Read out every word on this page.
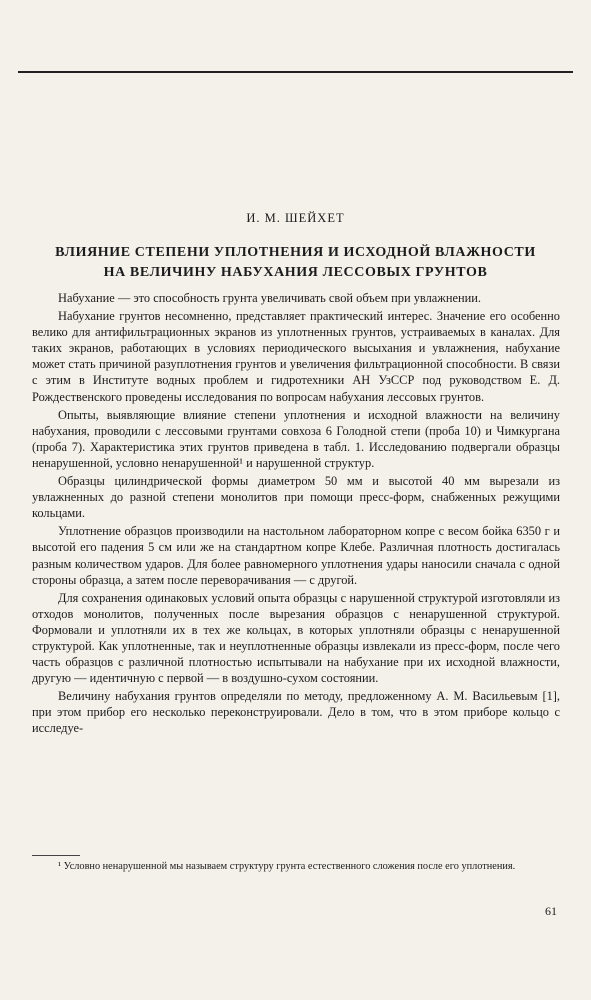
И. М. ШЕЙХЕТ
ВЛИЯНИЕ СТЕПЕНИ УПЛОТНЕНИЯ И ИСХОДНОЙ ВЛАЖНОСТИ
НА ВЕЛИЧИНУ НАБУХАНИЯ ЛЕССОВЫХ ГРУНТОВ

Набухание — это способность грунта увеличивать свой объем при увлажнении.

Набухание грунтов несомненно, представляет практический интерес. Значение его особенно велико для антифильтрационных экранов из уплотненных грунтов, устраиваемых в каналах. Для таких экранов, работающих в условиях периодического высыхания и увлажнения, набухание может стать причиной разуплотнения грунтов и увеличения фильтрационной способности. В связи с этим в Институте водных проблем и гидротехники АН УзССР под руководством Е. Д. Рождественского проведены исследования по вопросам набухания лессовых грунтов.

Опыты, выявляющие влияние степени уплотнения и исходной влажности на величину набухания, проводили с лессовыми грунтами совхоза 6 Голодной степи (проба 10) и Чимкургана (проба 7). Характеристика этих грунтов приведена в табл. 1. Исследованию подвергали образцы ненарушенной, условно ненарушенной¹ и нарушенной структур.

Образцы цилиндрической формы диаметром 50 мм и высотой 40 мм вырезали из увлажненных до разной степени монолитов при помощи пресс-форм, снабженных режущими кольцами.

Уплотнение образцов производили на настольном лабораторном копре с весом бойка 6350 г и высотой его падения 5 см или же на стандартном копре Клебе. Различная плотность достигалась разным количеством ударов. Для более равномерного уплотнения удары наносили сначала с одной стороны образца, а затем после переворачивания — с другой.

Для сохранения одинаковых условий опыта образцы с нарушенной структурой изготовляли из отходов монолитов, полученных после вырезания образцов с ненарушенной структурой. Формовали и уплотняли их в тех же кольцах, в которых уплотняли образцы с ненарушенной структурой. Как уплотненные, так и неуплотненные образцы извлекали из пресс-форм, после чего часть образцов с различной плотностью испытывали на набухание при их исходной влажности, другую — идентичную с первой — в воздушно-сухом состоянии.

Величину набухания грунтов определяли по методу, предложенному А. М. Васильевым [1], при этом прибор его несколько переконструировали. Дело в том, что в этом приборе кольцо с исследуе-

¹ Условно ненарушенной мы называем структуру грунта естественного сложения после его уплотнения.

61
